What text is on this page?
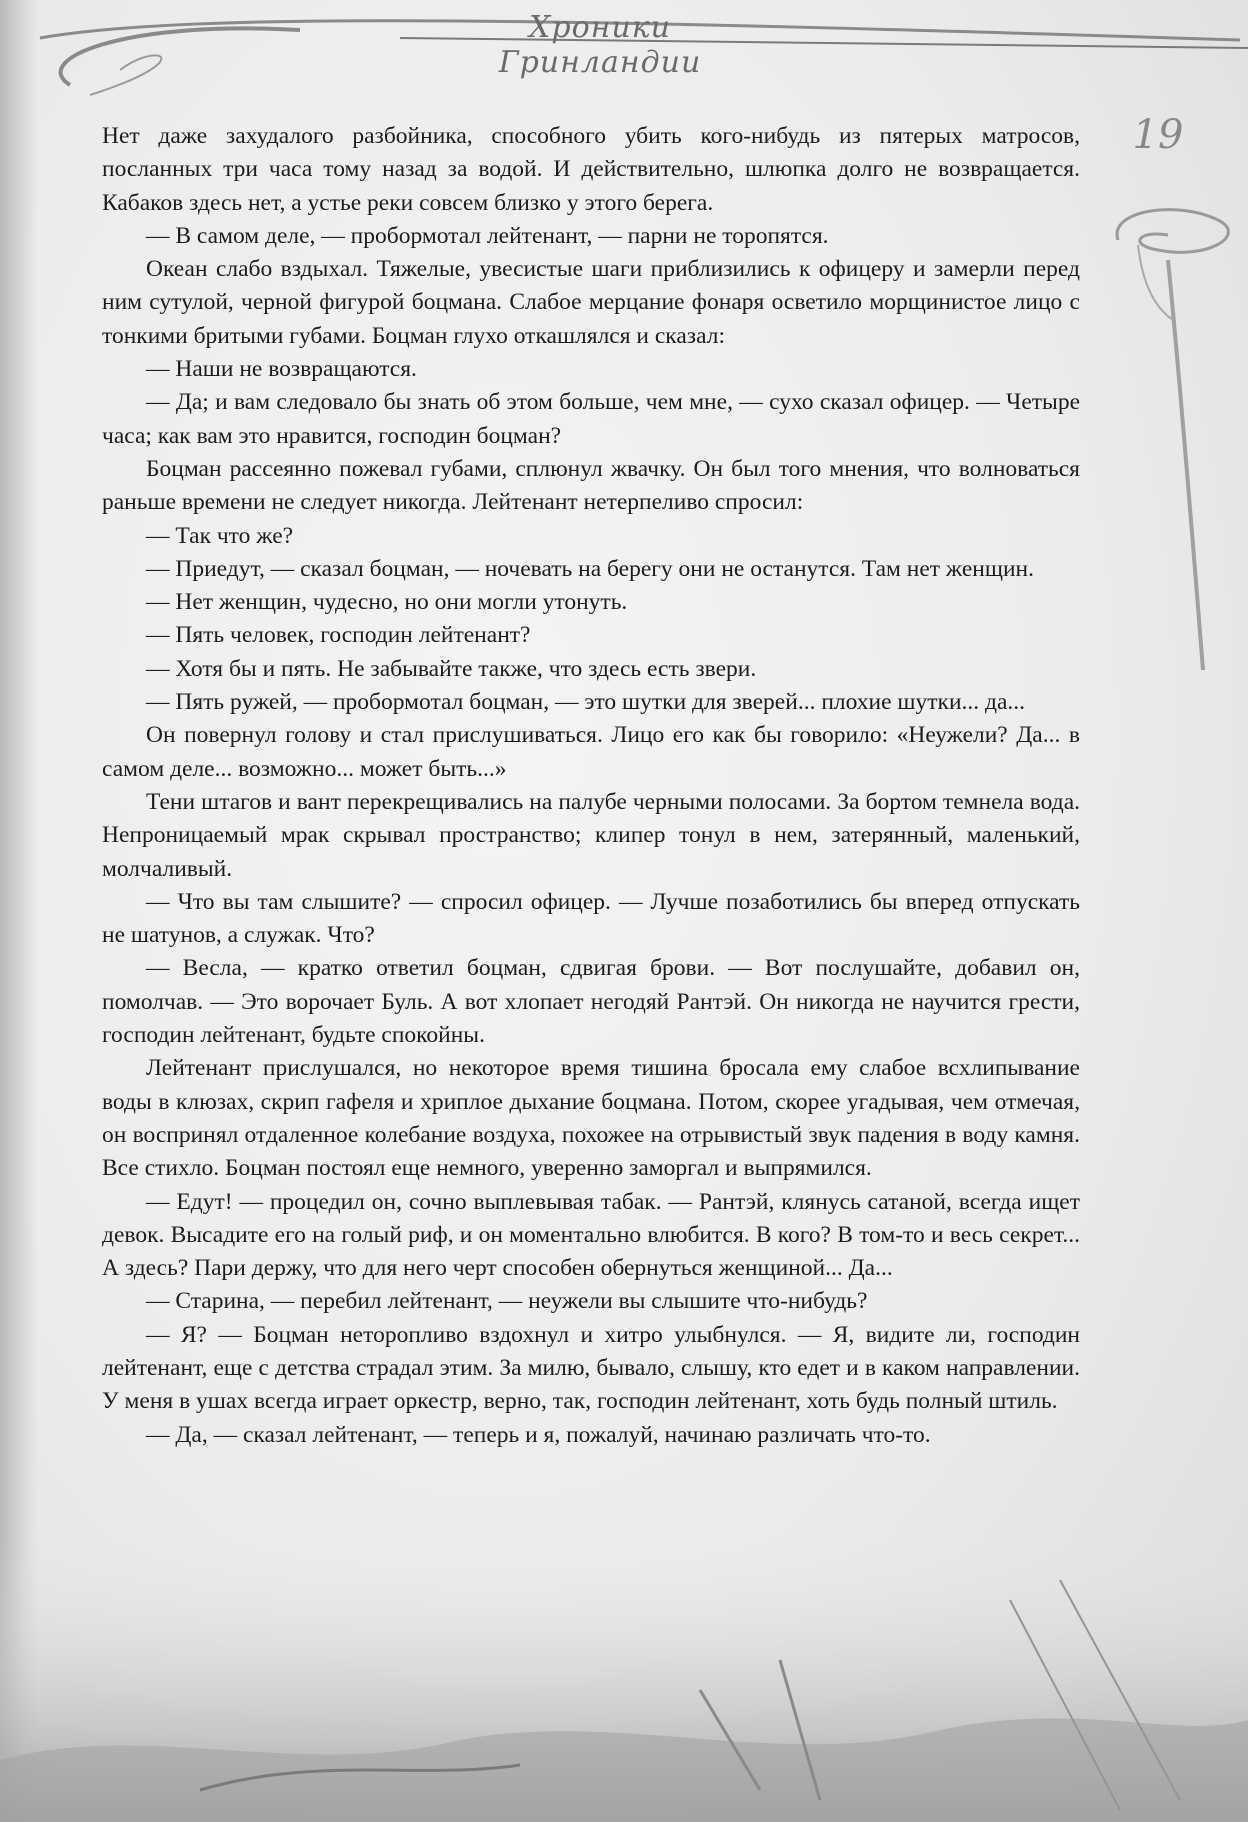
Хроники Гринландии
19

Нет даже захудалого разбойника, способного убить кого-нибудь из пятерых матросов, посланных три часа тому назад за водой. И действительно, шлюпка долго не возвращается. Кабаков здесь нет, а устье реки совсем близко у этого берега.

— В самом деле, — пробормотал лейтенант, — парни не торопятся.

Океан слабо вздыхал. Тяжелые, увесистые шаги приблизились к офицеру и замерли перед ним сутулой, черной фигурой боцмана. Слабое мерцание фонаря осветило морщинистое лицо с тонкими бритыми губами. Боцман глухо откашлялся и сказал:

— Наши не возвращаются.

— Да; и вам следовало бы знать об этом больше, чем мне, — сухо сказал офицер. — Четыре часа; как вам это нравится, господин боцман?

Боцман рассеянно пожевал губами, сплюнул жвачку. Он был того мнения, что волноваться раньше времени не следует никогда. Лейтенант нетерпеливо спросил:

— Так что же?

— Приедут, — сказал боцман, — ночевать на берегу они не останутся. Там нет женщин.

— Нет женщин, чудесно, но они могли утонуть.

— Пять человек, господин лейтенант?

— Хотя бы и пять. Не забывайте также, что здесь есть звери.

— Пять ружей, — пробормотал боцман, — это шутки для зверей... плохие шутки... да...

Он повернул голову и стал прислушиваться. Лицо его как бы говорило: «Неужели? Да... в самом деле... возможно... может быть...»

Тени штагов и вант перекрещивались на палубе черными полосами. За бортом темнела вода. Непроницаемый мрак скрывал пространство; клипер тонул в нем, затерянный, маленький, молчаливый.

— Что вы там слышите? — спросил офицер. — Лучше позаботились бы вперед отпускать не шатунов, а служак. Что?

— Весла, — кратко ответил боцман, сдвигая брови. — Вот послушайте, добавил он, помолчав. — Это ворочает Буль. А вот хлопает негодяй Рантэй. Он никогда не научится грести, господин лейтенант, будьте спокойны.

Лейтенант прислушался, но некоторое время тишина бросала ему слабое всхлипывание воды в клюзах, скрип гафеля и хриплое дыхание боцмана. Потом, скорее угадывая, чем отмечая, он воспринял отдаленное колебание воздуха, похожее на отрывистый звук падения в воду камня. Все стихло. Боцман постоял еще немного, уверенно заморгал и выпрямился.

— Едут! — процедил он, сочно выплевывая табак. — Рантэй, клянусь сатаной, всегда ищет девок. Высадите его на голый риф, и он моментально влюбится. В кого? В том-то и весь секрет... А здесь? Пари держу, что для него черт способен обернуться женщиной... Да...

— Старина, — перебил лейтенант, — неужели вы слышите что-нибудь?

— Я? — Боцман неторопливо вздохнул и хитро улыбнулся. — Я, видите ли, господин лейтенант, еще с детства страдал этим. За милю, бывало, слышу, кто едет и в каком направлении. У меня в ушах всегда играет оркестр, верно, так, господин лейтенант, хоть будь полный штиль.

— Да, — сказал лейтенант, — теперь и я, пожалуй, начинаю различать что-то.
